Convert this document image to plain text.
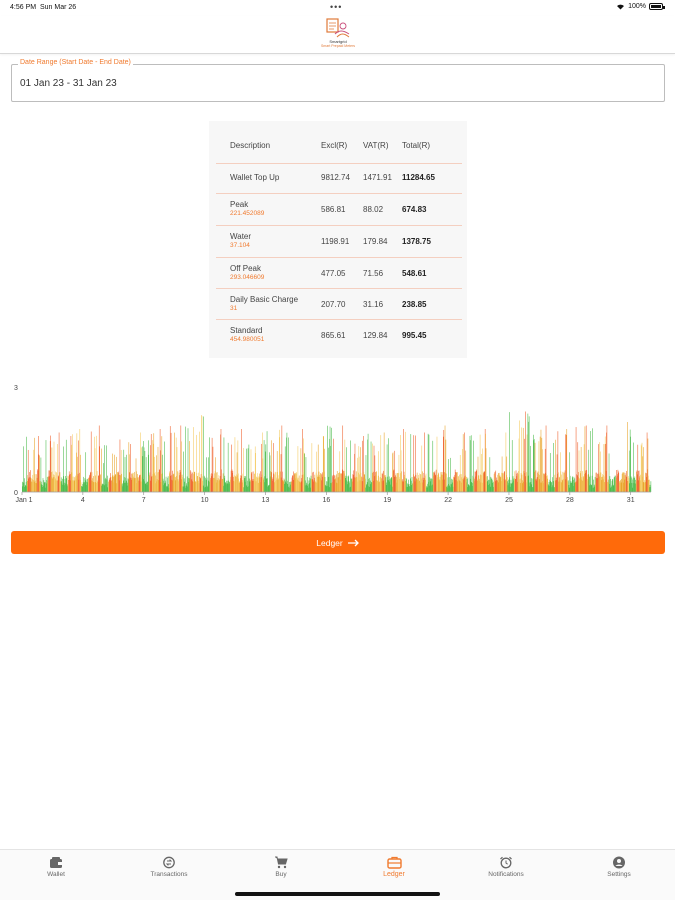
4:56 PM Sun Mar 26	•••	100%
Smartgrid
Smart Prepaid Meters
Date Range (Start Date - End Date)
01 Jan 23 - 31 Jan 23
Description	Excl(R) VAT(R) Total(R)
Wallet Top Up	9812.74 1471.91 11284.65
Peak
221.452089	586.81 88.02 674.83
Water
37.104	1198.91 179.84 1378.75
Off Peak
293.046609	477.05 71.56 548.61
Daily Basic Charge
31	207.70 31.16 238.85
Standard
454.980051	865.61 129.84 995.45
0
3
Jan 1	4	7	10	13	16	19	22	25	28	31
Ledger
Wallet	Transactions	Buy	Ledger	Notifications	Settings
